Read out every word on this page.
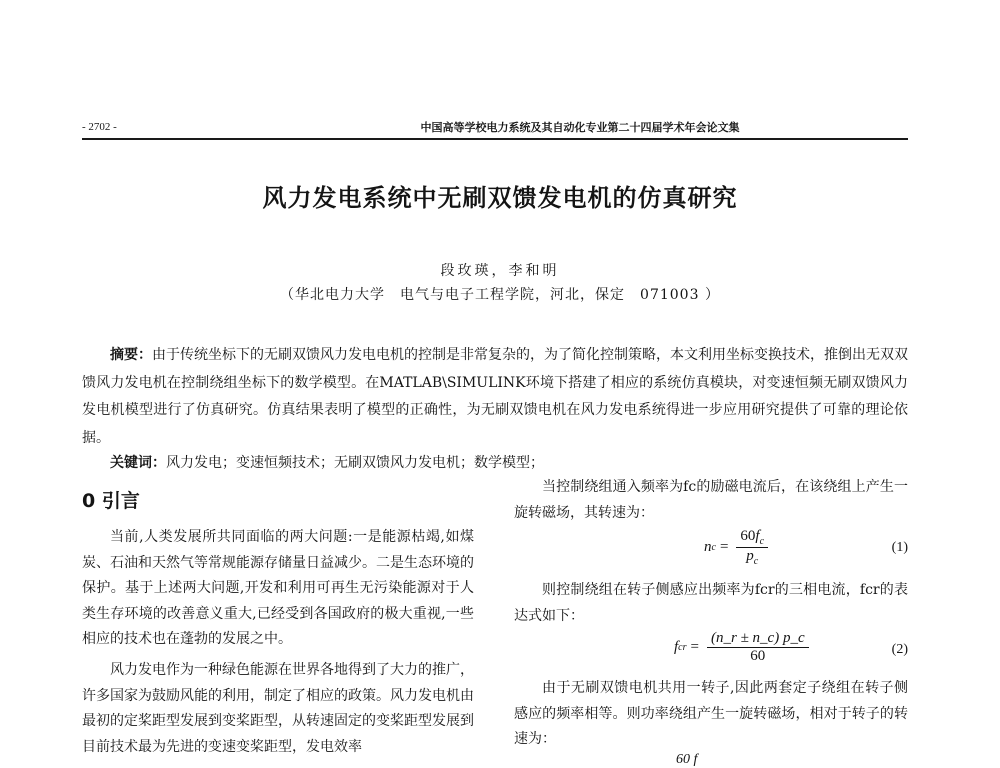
- 2702 -	中国高等学校电力系统及其自动化专业第二十四届学术年会论文集
风力发电系统中无刷双馈发电机的仿真研究
段玫瑛，李和明
（华北电力大学　电气与电子工程学院，河北，保定　071003 ）
摘要：由于传统坐标下的无刷双馈风力发电电机的控制是非常复杂的，为了简化控制策略，本文利用坐标变换技术，推倒出无双双馈风力发电机在控制绕组坐标下的数学模型。在MATLAB\SIMULINK环境下搭建了相应的系统仿真模块，对变速恒频无刷双馈风力发电机模型进行了仿真研究。仿真结果表明了模型的正确性，为无刷双馈电机在风力发电系统得进一步应用研究提供了可靠的理论依据。
关键词：风力发电；变速恒频技术；无刷双馈风力发电机；数学模型；
0 引言

当前,人类发展所共同面临的两大问题:一是能源枯竭,如煤炭、石油和天然气等常规能源存储量日益减少。二是生态环境的保护。基于上述两大问题,开发和利用可再生无污染能源对于人类生存环境的改善意义重大,已经受到各国政府的极大重视,一些相应的技术也在蓬勃的发展之中。

风力发电作为一种绿色能源在世界各地得到了大力的推广，许多国家为鼓励风能的利用，制定了相应的政策。风力发电机由最初的定桨距型发展到变桨距型，从转速固定的变桨距型发展到目前技术最为先进的变速变桨距型，发电效率

当控制绕组通入频率为fc的励磁电流后，在该绕组上产生一旋转磁场，其转速为：

n $c = \frac{60f_c}{p_c}$	(1)

则控制绕组在转子侧感应出频率为fcr的三相电流，fcr的表达式如下：

f cr = $\frac{(n\_r \pm n\_c) p\_c}{60}$	(2)

由于无刷双馈电机共用一转子,因此两套定子绕组在转子侧感应的频率相等。则功率绕组产生一旋转磁场，相对于转子的转速为：

60 f
